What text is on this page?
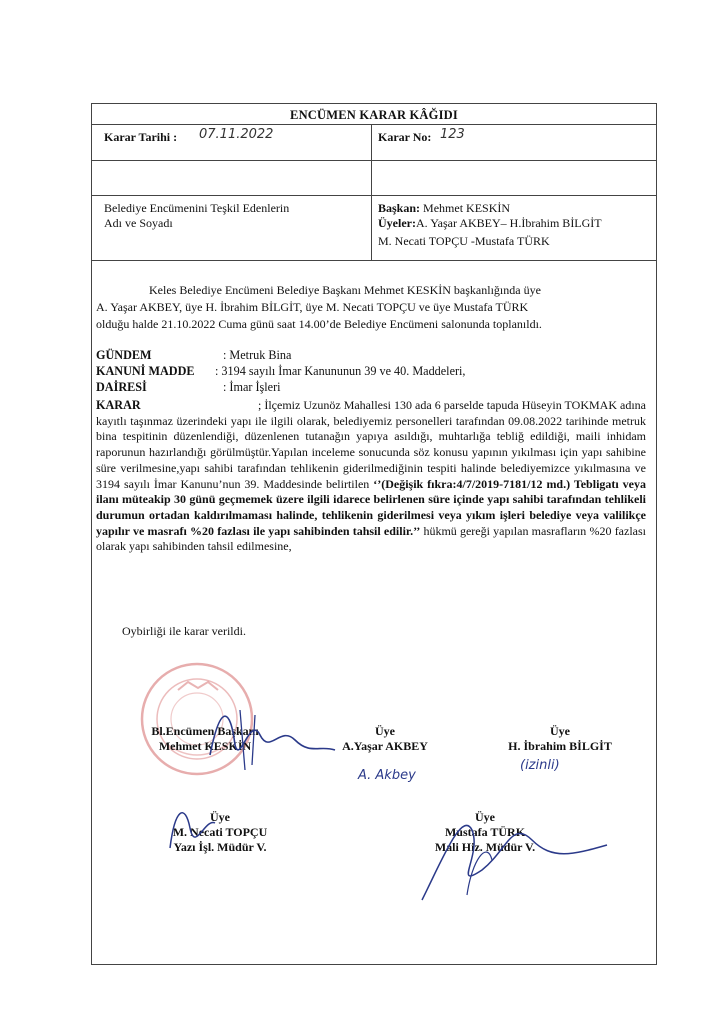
ENCÜMEN KARAR KÂĞIDI
Karar Tarihi : 07.11.2022	Karar No: 123
Belediye Encümenini Teşkil Edenlerin
Adı ve Soyadı
Başkan: Mehmet KESKİN
Üyeler:A. Yaşar AKBEY– H.İbrahim BİLGİT
M. Necati TOPÇU -Mustafa TÜRK
Keles Belediye Encümeni Belediye Başkanı Mehmet KESKİN başkanlığında üye
A. Yaşar AKBEY, üye H. İbrahim BİLGİT, üye M. Necati TOPÇU ve üye Mustafa TÜRK
olduğu halde 21.10.2022 Cuma günü saat 14.00’de Belediye Encümeni salonunda toplanıldı.
GÜNDEM	: Metruk Bina
KANUNİ MADDE : 3194 sayılı İmar Kanununun 39 ve 40. Maddeleri,
DAİRESİ	: İmar İşleri
KARAR	; İlçemiz Uzunöz Mahallesi 130 ada 6 parselde tapuda Hüseyin TOKMAK adına kayıtlı taşınmaz üzerindeki yapı ile ilgili olarak, belediyemiz personelleri tarafından 09.08.2022 tarihinde metruk bina tespitinin düzenlendiği, düzenlenen tutanağın yapıya asıldığı, muhtarlığa tebliğ edildiği, maili inhidam raporunun hazırlandığı görülmüştür.Yapılan inceleme sonucunda söz konusu yapının yıkılması için yapı sahibine süre verilmesine,yapı sahibi tarafından tehlikenin giderilmediğinin tespiti halinde belediyemizce yıkılmasına ve 3194 sayılı İmar Kanunu’nun 39. Maddesinde belirtilen ‘’(Değişik fıkra:4/7/2019-7181/12 md.) Tebligatı veya ilanı müteakip 30 günü geçmemek üzere ilgili idarece belirlenen süre içinde yapı sahibi tarafından tehlikeli durumun ortadan kaldırılmaması halinde, tehlikenin giderilmesi veya yıkım işleri belediye veya valilikçe yapılır ve masrafı %20 fazlası ile yapı sahibinden tahsil edilir.’’ hükmü gereği yapılan masrafların %20 fazlası olarak yapı sahibinden tahsil edilmesine,
Oybirliği ile karar verildi.
Bl.Encümen Başkanı
Mehmet KESKİN
Üye
A.Yaşar AKBEY
A. Akbey
Üye
H. İbrahim BİLGİT
(izinli)
Üye
M. Necati TOPÇU
Yazı İşl. Müdür V.
Üye
Mustafa TÜRK
Mali Hiz. Müdür V.
